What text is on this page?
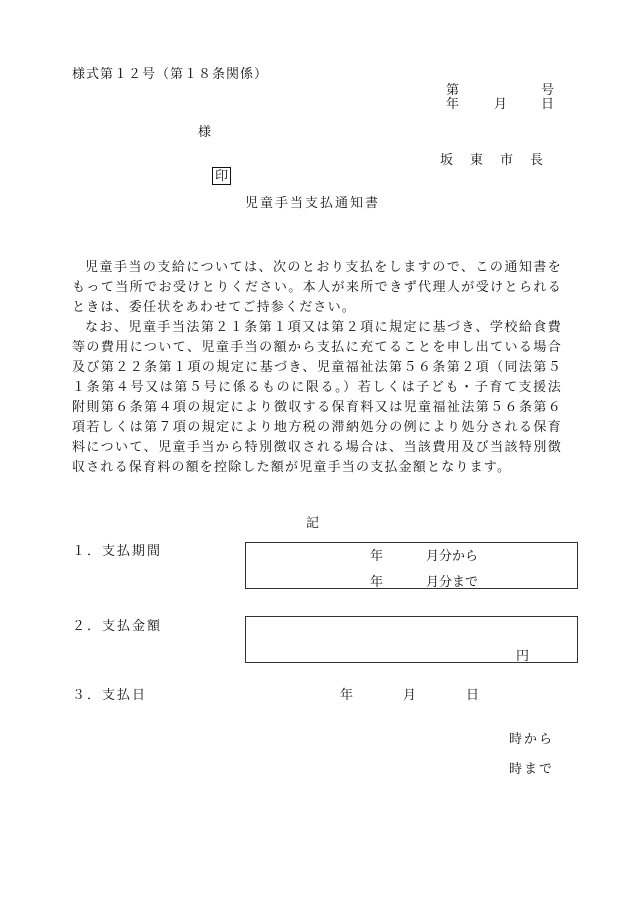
様式第１２号（第１８条関係）
第	号
年	月	日
様
坂東市長
印
児童手当支払通知書

児童手当の支給については、次のとおり支払をしますので、この通知書をもって当所でお受けとりください。本人が来所できず代理人が受けとられるときは、委任状をあわせてご持参ください。

なお、児童手当法第２１条第１項又は第２項に規定に基づき、学校給食費等の費用について、児童手当の額から支払に充てることを申し出ている場合及び第２２条第１項の規定に基づき、児童福祉法第５６条第２項（同法第５１条第４号又は第５号に係るものに限る。）若しくは子ども・子育て支援法附則第６条第４項の規定により徴収する保育料又は児童福祉法第５６条第６項若しくは第７項の規定により地方税の滞納処分の例により処分される保育料について、児童手当から特別徴収される場合は、当該費用及び当該特別徴収される保育料の額を控除した額が児童手当の支払金額となります。

記
１．支払期間	年	月分から
年	月分まで
２．支払金額
円
３．支払日	年	月	日
時から
時まで
